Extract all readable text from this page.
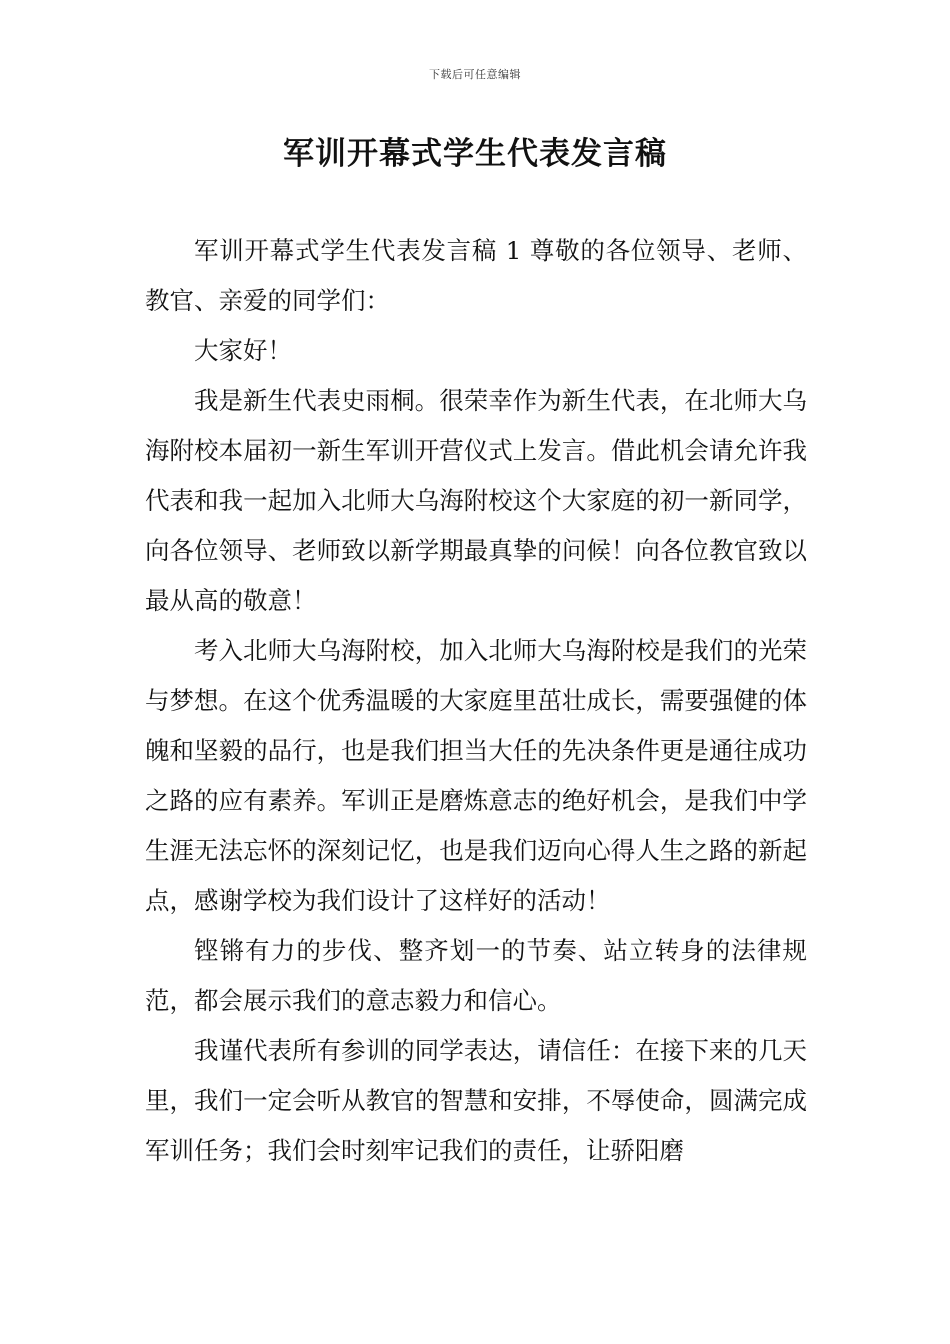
下载后可任意编辑
军训开幕式学生代表发言稿

军训开幕式学生代表发言稿 1 尊敬的各位领导、老师、教官、亲爱的同学们：

大家好！

我是新生代表史雨桐。很荣幸作为新生代表，在北师大乌海附校本届初一新生军训开营仪式上发言。借此机会请允许我代表和我一起加入北师大乌海附校这个大家庭的初一新同学，向各位领导、老师致以新学期最真挚的问候！向各位教官致以最从高的敬意！

考入北师大乌海附校，加入北师大乌海附校是我们的光荣与梦想。在这个优秀温暖的大家庭里茁壮成长，需要强健的体魄和坚毅的品行，也是我们担当大任的先决条件更是通往成功之路的应有素养。军训正是磨炼意志的绝好机会，是我们中学生涯无法忘怀的深刻记忆，也是我们迈向心得人生之路的新起点，感谢学校为我们设计了这样好的活动！

铿锵有力的步伐、整齐划一的节奏、站立转身的法律规范，都会展示我们的意志毅力和信心。

我谨代表所有参训的同学表达，请信任：在接下来的几天里，我们一定会听从教官的智慧和安排，不辱使命，圆满完成军训任务；我们会时刻牢记我们的责任，让骄阳磨
